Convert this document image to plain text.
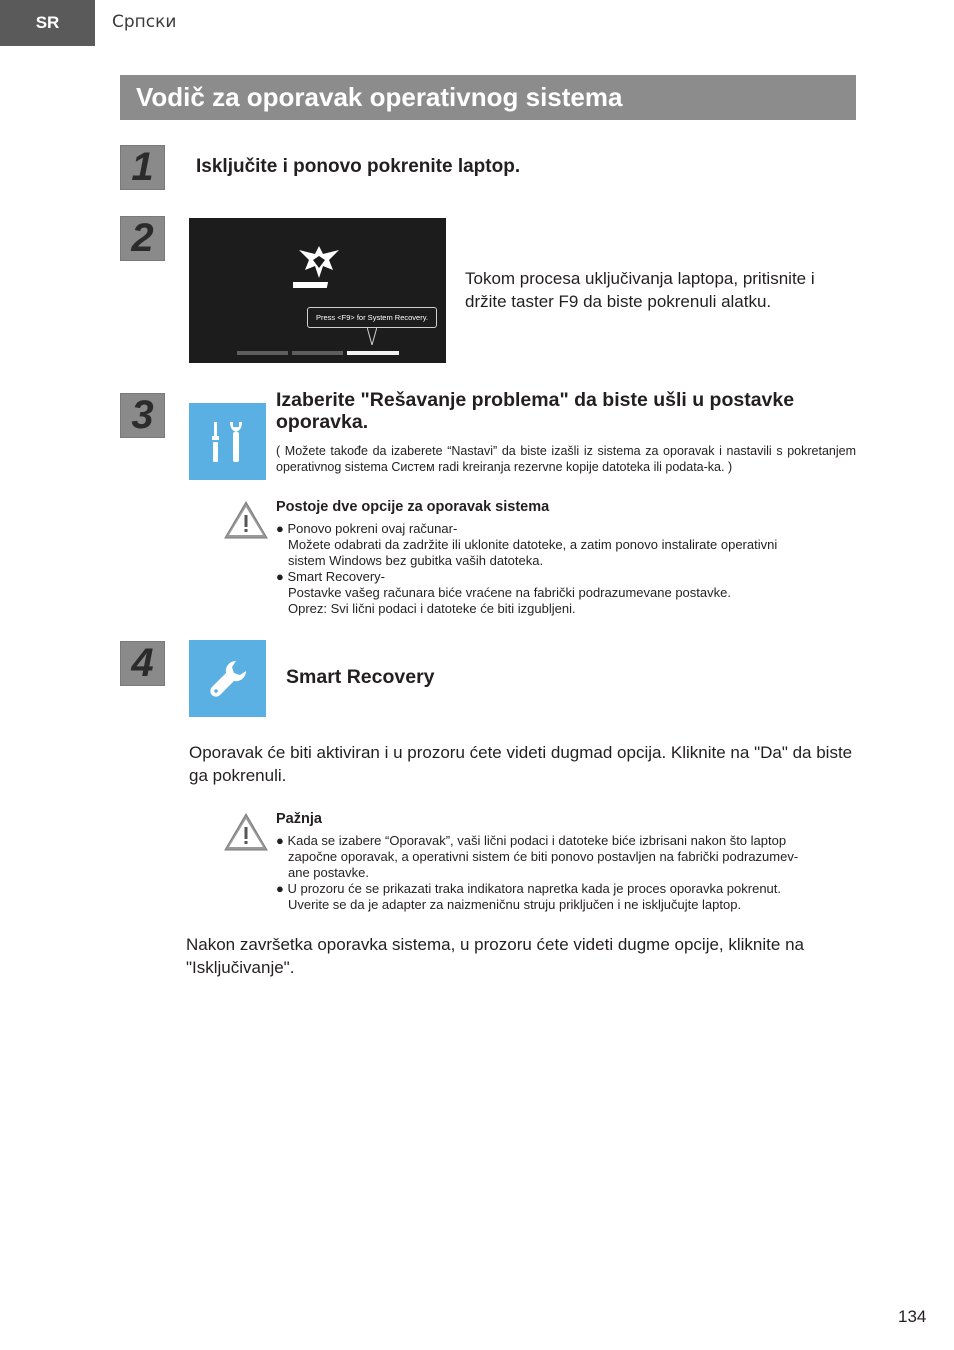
SR	Српски
Vodič za oporavak operativnog sistema
1	Isključite i ponovo pokrenite laptop.
2
Press <F9> for System Recovery.
Tokom procesa uključivanja laptopa, pritisnite i držite taster F9 da biste pokrenuli alatku.
3	Izaberite "Rešavanje problema" da biste ušli u postavke oporavka.
( Možete takođe da izaberete “Nastavi” da biste izašli iz sistema za oporavak i nastavili s pokretanjem operativnog sistema Систем radi kreiranja rezervne kopije datoteka ili podata-ka. )
Postoje dve opcije za oporavak sistema
● Ponovo pokreni ovaj računar-

Možete odabrati da zadržite ili uklonite datoteke, a zatim ponovo instalirate operativni
sistem Windows bez gubitka vaših datoteka.
● Smart Recovery-

Postavke vašeg računara biće vraćene na fabrički podrazumevane postavke.
Oprez: Svi lični podaci i datoteke će biti izgubljeni.
4	Smart Recovery
Oporavak će biti aktiviran i u prozoru ćete videti dugmad opcija. Kliknite na "Da" da biste ga pokrenuli.
Pažnja
● Kada se izabere “Oporavak”, vaši lični podaci i datoteke biće izbrisani nakon što laptop

započne oporavak, a operativni sistem će biti ponovo postavljen na fabrički podrazumev-
ane postavke.
● U prozoru će se prikazati traka indikatora napretka kada je proces oporavka pokrenut.

Uverite se da je adapter za naizmeničnu struju priključen i ne isključujte laptop.
Nakon završetka oporavka sistema, u prozoru ćete videti dugme opcije, kliknite na "Isključivanje".
134
